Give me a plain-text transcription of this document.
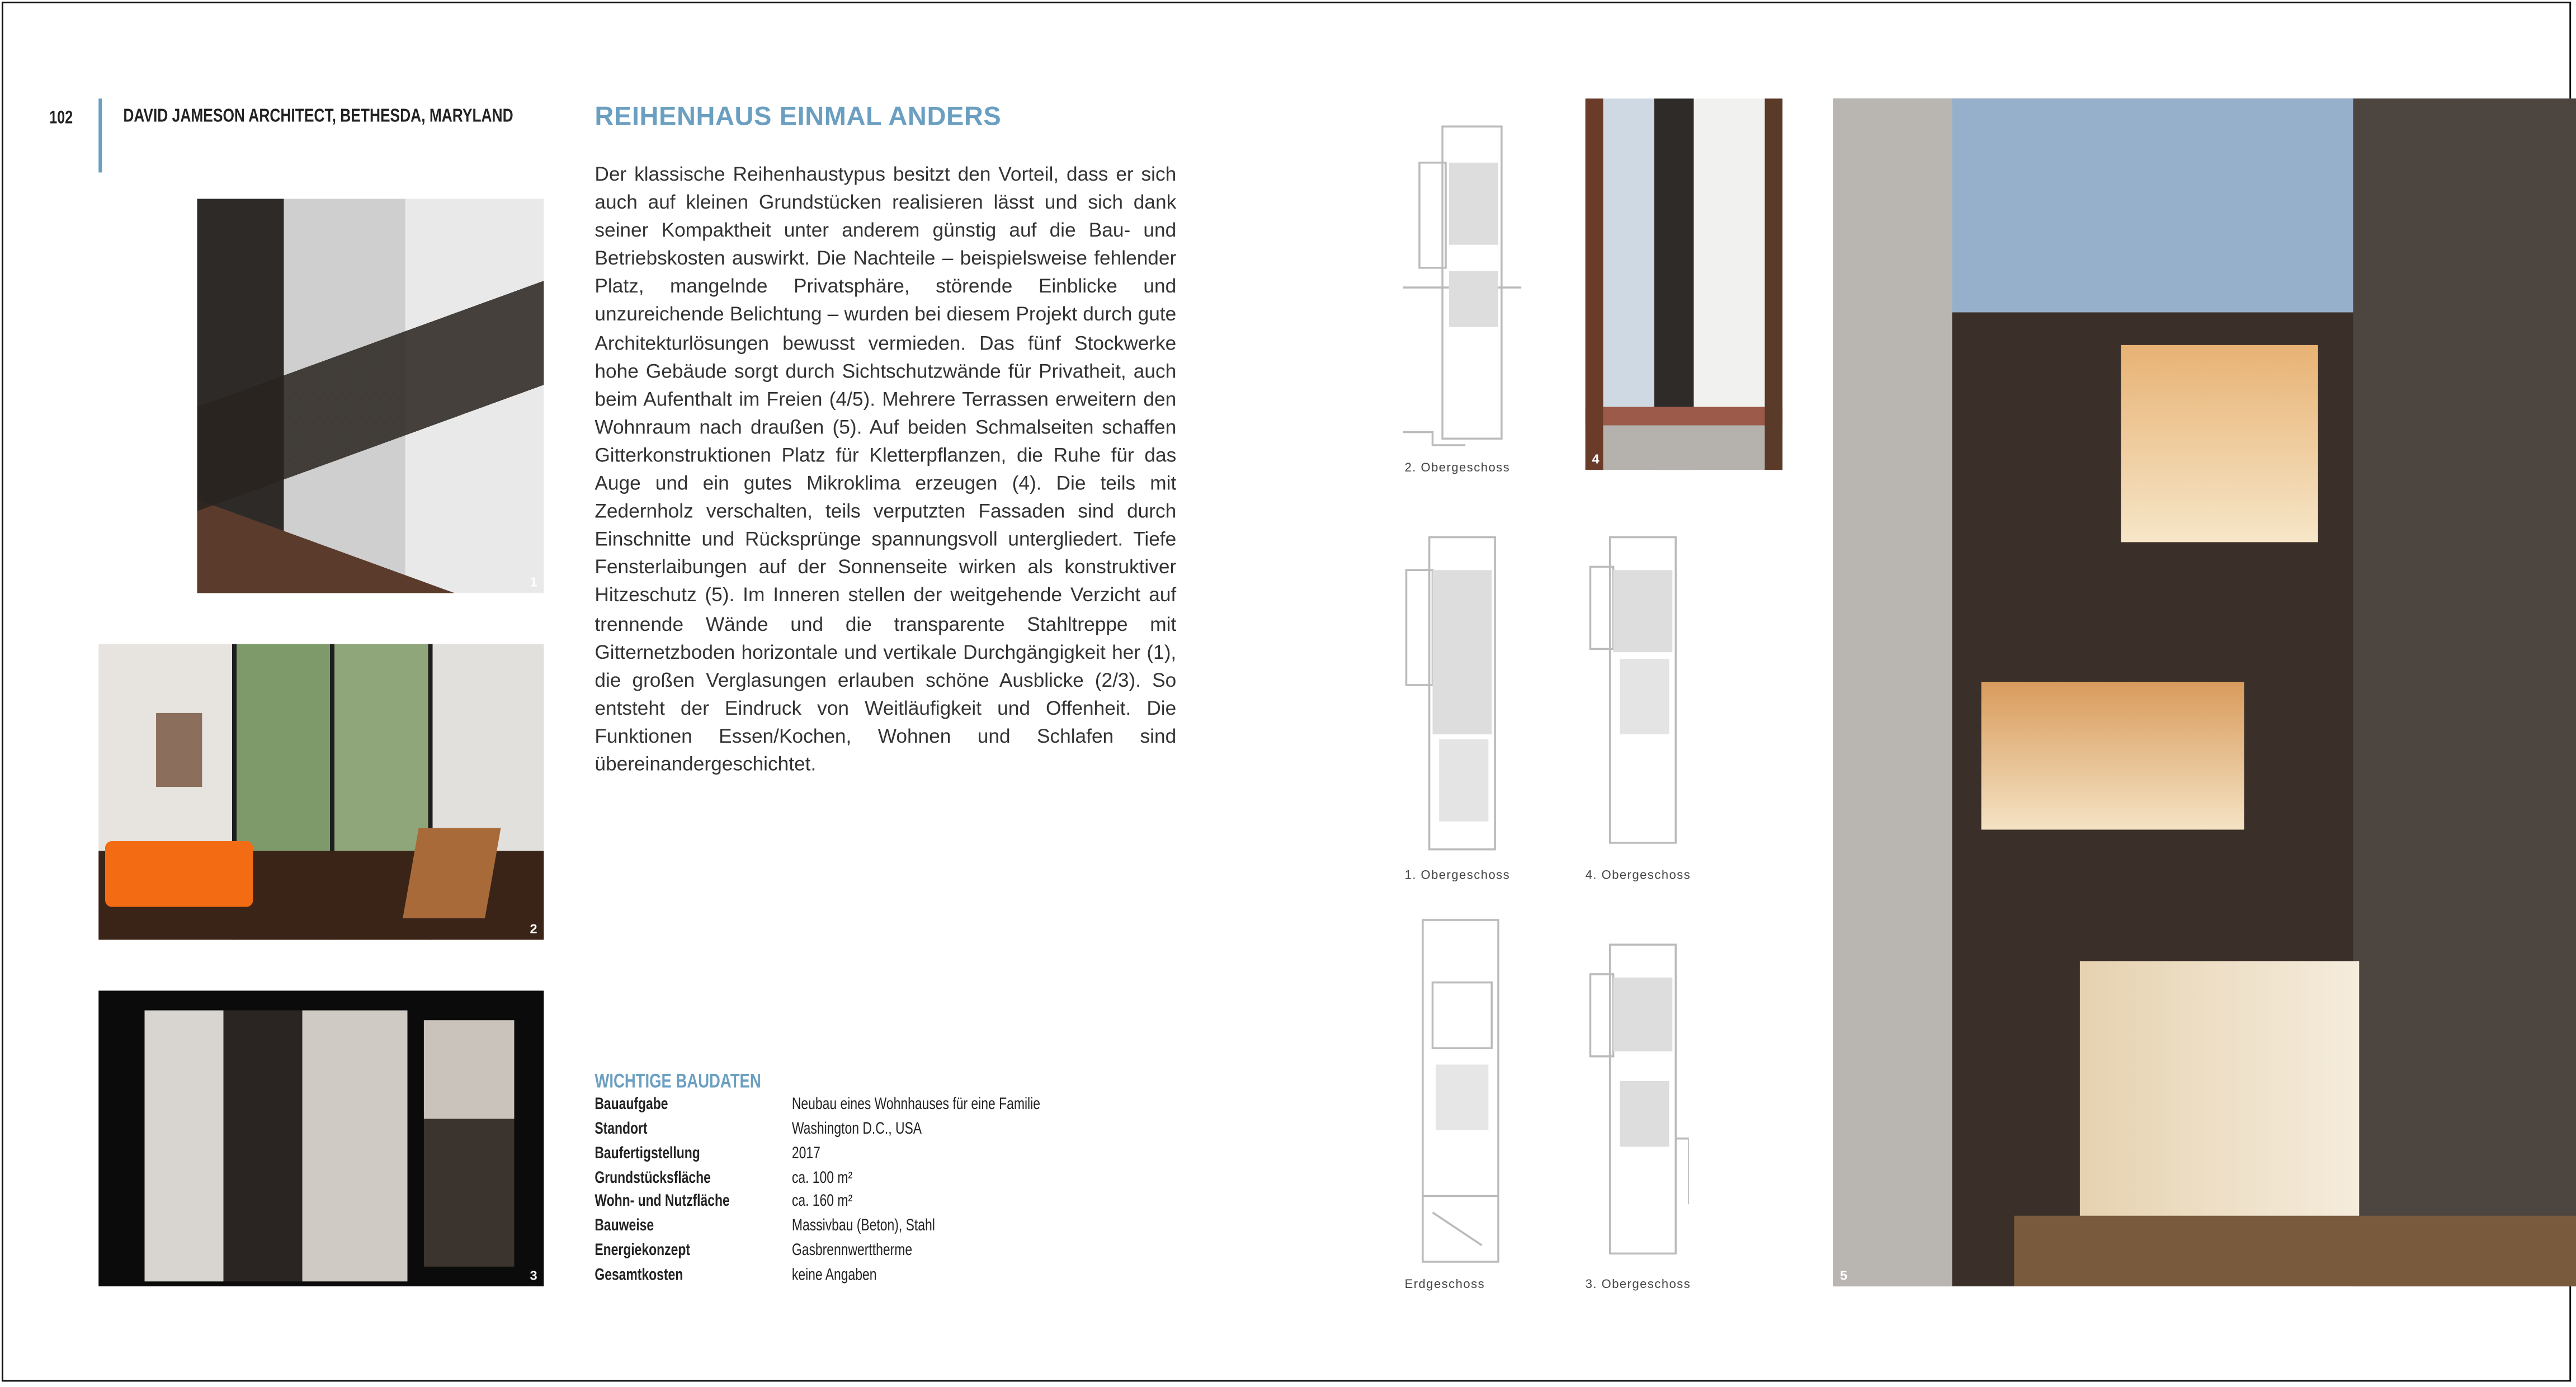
102	DAVID JAMESON ARCHITECT, BETHESDA, MARYLAND	REIHENHAUS EINMAL ANDERS

Der klassische Reihenhaustypus besitzt den Vorteil, dass er sich auch auf kleinen Grundstücken realisieren lässt und sich dank seiner Kompaktheit unter anderem günstig auf die Bau- und Betriebskosten auswirkt. Die Nachteile – beispielsweise fehlender Platz, mangelnde Privatsphäre, störende Einblicke und unzureichende Belichtung – wurden bei diesem Projekt durch gute Architekturlösungen bewusst vermieden. Das fünf Stockwerke hohe Gebäude sorgt durch Sichtschutzwände für Privatheit, auch beim Aufenthalt im Freien (4/5). Mehrere Terrassen erweitern den Wohnraum nach draußen (5). Auf beiden Schmalseiten schaffen Gitterkonstruktionen Platz für Kletterpflanzen, die Ruhe für das Auge und ein gutes Mikroklima erzeugen (4). Die teils mit Zedernholz verschalten, teils verputzten Fassaden sind durch Einschnitte und Rücksprünge spannungsvoll untergliedert. Tiefe Fensterlaibungen auf der Sonnenseite wirken als konstruktiver Hitzeschutz (5). Im Inneren stellen der weitgehende Verzicht auf trennende Wände und die transparente Stahltreppe mit Gitternetzboden horizontale und vertikale Durchgängigkeit her (1), die großen Verglasungen erlauben schöne Ausblicke (2/3). So entsteht der Eindruck von Weitläufigkeit und Offenheit. Die Funktionen Essen/Kochen, Wohnen und Schlafen sind übereinandergeschichtet.

1
2
3
4
5
2. Obergeschoss
1. Obergeschoss	4. Obergeschoss
Erdgeschoss	3. Obergeschoss
WICHTIGE BAUDATEN
Bauaufgabe	Neubau eines Wohnhauses für eine Familie
Standort	Washington D.C., USA
Baufertigstellung	2017
Grundstücksfläche	ca. 100 m²
Wohn- und Nutzfläche	ca. 160 m²
Bauweise	Massivbau (Beton), Stahl
Energiekonzept	Gasbrennwerttherme
Gesamtkosten	keine Angaben
